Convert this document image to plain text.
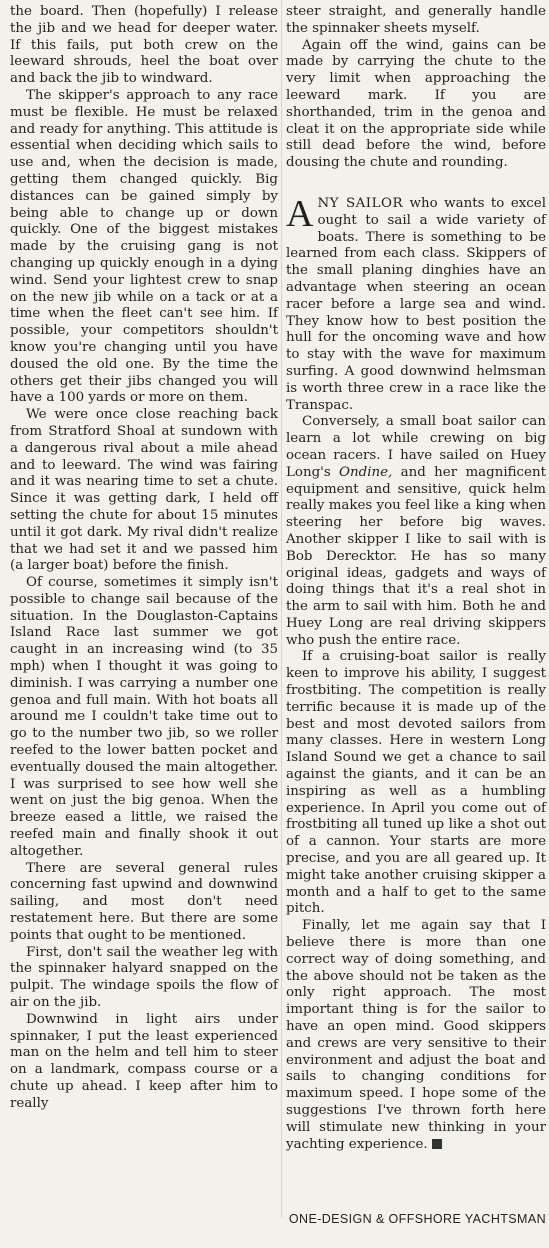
the board. Then (hopefully) I release the jib and we head for deeper water. If this fails, put both crew on the leeward shrouds, heel the boat over and back the jib to windward.

The skipper's approach to any race must be flexible. He must be relaxed and ready for anything. This attitude is essential when deciding which sails to use and, when the decision is made, getting them changed quickly. Big distances can be gained simply by being able to change up or down quickly. One of the biggest mistakes made by the cruising gang is not changing up quickly enough in a dying wind. Send your lightest crew to snap on the new jib while on a tack or at a time when the fleet can't see him. If possible, your competitors shouldn't know you're changing until you have doused the old one. By the time the others get their jibs changed you will have a 100 yards or more on them.

We were once close reaching back from Stratford Shoal at sundown with a dangerous rival about a mile ahead and to leeward. The wind was fairing and it was nearing time to set a chute. Since it was getting dark, I held off setting the chute for about 15 minutes until it got dark. My rival didn't realize that we had set it and we passed him (a larger boat) before the finish.

Of course, sometimes it simply isn't possible to change sail because of the situation. In the Douglaston-Captains Island Race last summer we got caught in an increasing wind (to 35 mph) when I thought it was going to diminish. I was carrying a number one genoa and full main. With hot boats all around me I couldn't take time out to go to the number two jib, so we roller reefed to the lower batten pocket and eventually doused the main altogether. I was surprised to see how well she went on just the big genoa. When the breeze eased a little, we raised the reefed main and finally shook it out altogether.

There are several general rules concerning fast upwind and downwind sailing, and most don't need restatement here. But there are some points that ought to be mentioned.

First, don't sail the weather leg with the spinnaker halyard snapped on the pulpit. The windage spoils the flow of air on the jib.

Downwind in light airs under spinnaker, I put the least experienced man on the helm and tell him to steer on a landmark, compass course or a chute up ahead. I keep after him to really

steer straight, and generally handle the spinnaker sheets myself.

Again off the wind, gains can be made by carrying the chute to the very limit when approaching the leeward mark. If you are shorthanded, trim in the genoa and cleat it on the appropriate side while still dead before the wind, before dousing the chute and rounding.

ANY SAILOR who wants to excel ought to sail a wide variety of boats. There is something to be learned from each class. Skippers of the small planing dinghies have an advantage when steering an ocean racer before a large sea and wind. They know how to best position the hull for the oncoming wave and how to stay with the wave for maximum surfing. A good downwind helmsman is worth three crew in a race like the Transpac.

Conversely, a small boat sailor can learn a lot while crewing on big ocean racers. I have sailed on Huey Long's Ondine, and her magnificent equipment and sensitive, quick helm really makes you feel like a king when steering her before big waves. Another skipper I like to sail with is Bob Derecktor. He has so many original ideas, gadgets and ways of doing things that it's a real shot in the arm to sail with him. Both he and Huey Long are real driving skippers who push the entire race.

If a cruising-boat sailor is really keen to improve his ability, I suggest frostbiting. The competition is really terrific because it is made up of the best and most devoted sailors from many classes. Here in western Long Island Sound we get a chance to sail against the giants, and it can be an inspiring as well as a humbling experience. In April you come out of frostbiting all tuned up like a shot out of a cannon. Your starts are more precise, and you are all geared up. It might take another cruising skipper a month and a half to get to the same pitch.

Finally, let me again say that I believe there is more than one correct way of doing something, and the above should not be taken as the only right approach. The most important thing is for the sailor to have an open mind. Good skippers and crews are very sensitive to their environment and adjust the boat and sails to changing conditions for maximum speed. I hope some of the suggestions I've thrown forth here will stimulate new thinking in your yachting experience.

ONE-DESIGN & OFFSHORE YACHTSMAN
